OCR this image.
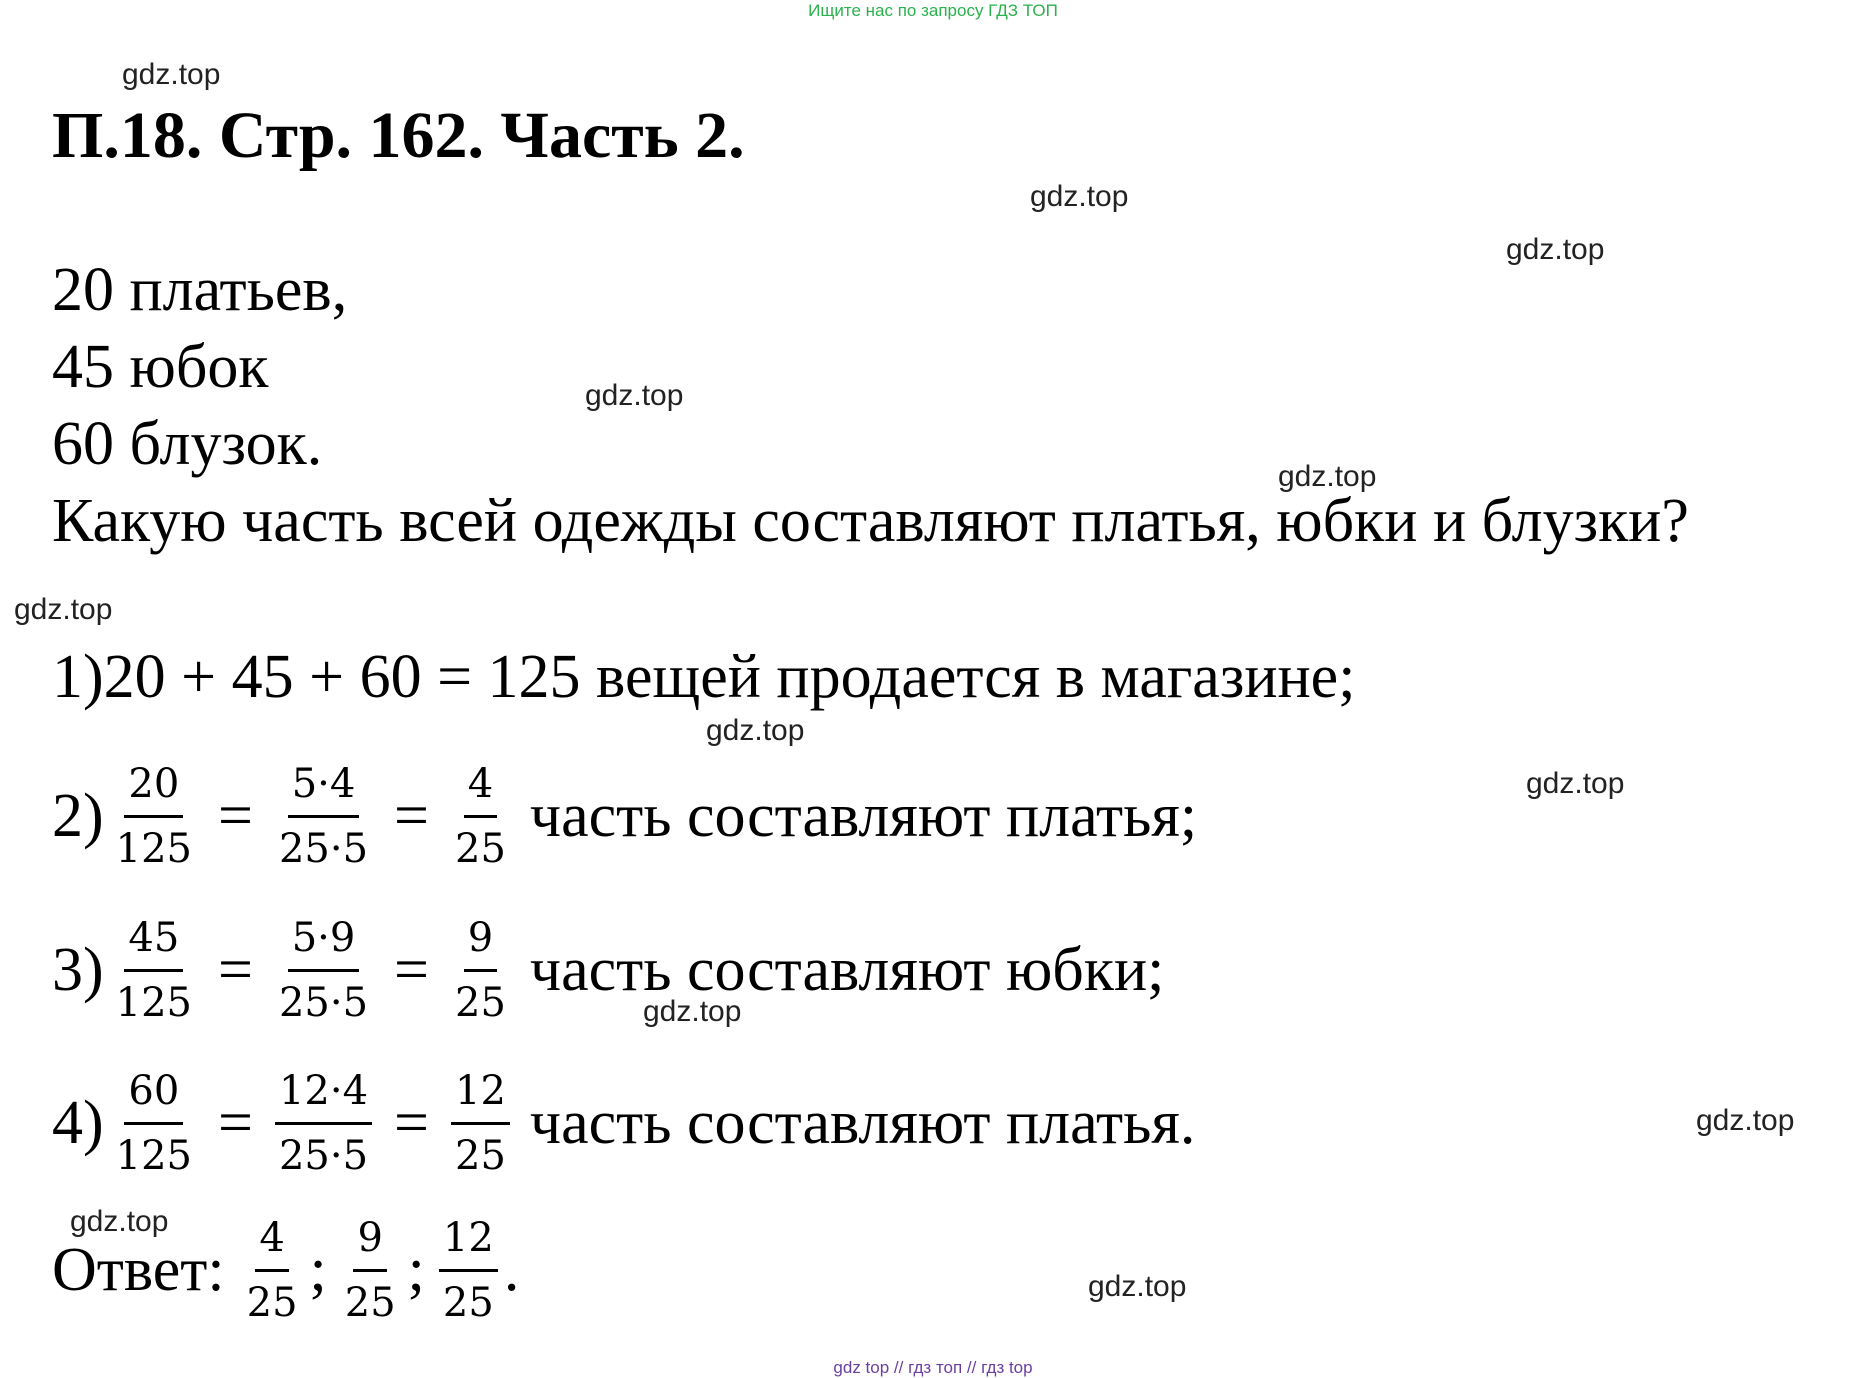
Ищите нас по запросу ГДЗ ТОП
П.18. Стр. 162. Часть 2.
20 платьев,
45 юбок
60 блузок.
Какую часть всей одежды составляют платья, юбки и блузки?
1)20 + 45 + 60 = 125 вещей продается в магазине;
$2) \frac{20}{125} = \frac{5\cdot 4}{25\cdot 5} = \frac{4}{25}$ часть составляют платья;
$3) \frac{45}{125} = \frac{5\cdot 9}{25\cdot 5} = \frac{9}{25}$ часть составляют юбки;
$4) \frac{60}{125} = \frac{12\cdot 4}{25\cdot 5} = \frac{12}{25}$ часть составляют платья.
Ответ: $\frac{4}{25}$ ; $\frac{9}{25}$ ; $\frac{12}{25}$ .
gdz.top
gdz.top
gdz.top
gdz.top
gdz.top
gdz.top
gdz.top
gdz.top
gdz.top
gdz.top
gdz.top
gdz.top
gdz top // гдз топ // гдз top
